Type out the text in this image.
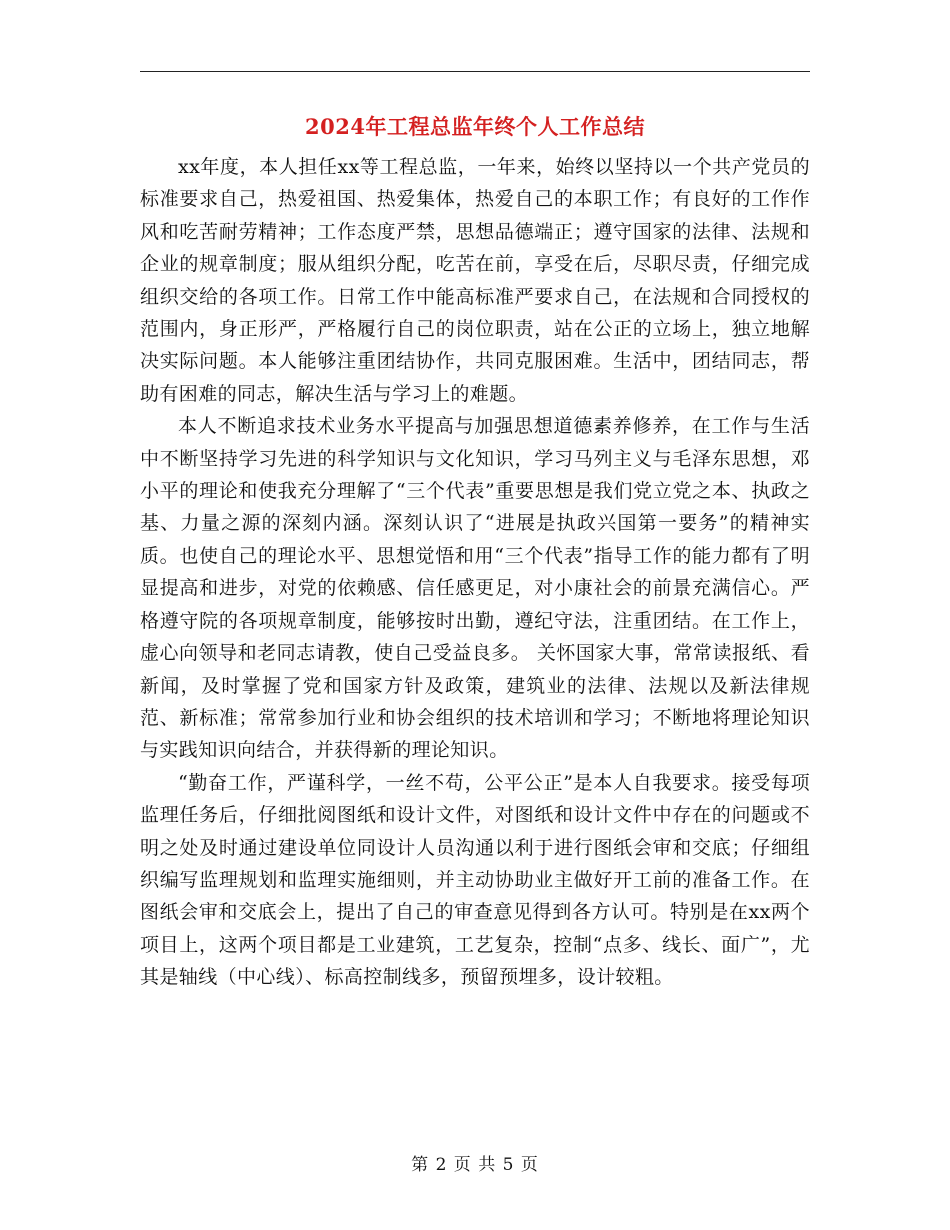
2024年工程总监年终个人工作总结

xx年度，本人担任xx等工程总监，一年来，始终以坚持以一个共产党员的标准要求自己，热爱祖国、热爱集体，热爱自己的本职工作；有良好的工作作风和吃苦耐劳精神；工作态度严禁，思想品德端正；遵守国家的法律、法规和企业的规章制度；服从组织分配，吃苦在前，享受在后，尽职尽责，仔细完成组织交给的各项工作。日常工作中能高标准严要求自己，在法规和合同授权的范围内，身正形严，严格履行自己的岗位职责，站在公正的立场上，独立地解决实际问题。本人能够注重团结协作，共同克服困难。生活中，团结同志，帮助有困难的同志，解决生活与学习上的难题。

本人不断追求技术业务水平提高与加强思想道德素养修养，在工作与生活中不断坚持学习先进的科学知识与文化知识，学习马列主义与毛泽东思想，邓小平的理论和使我充分理解了“三个代表”重要思想是我们党立党之本、执政之基、力量之源的深刻内涵。深刻认识了“进展是执政兴国第一要务”的精神实质。也使自己的理论水平、思想觉悟和用“三个代表”指导工作的能力都有了明显提高和进步，对党的依赖感、信任感更足，对小康社会的前景充满信心。严格遵守院的各项规章制度，能够按时出勤，遵纪守法，注重团结。在工作上，虚心向领导和老同志请教，使自己受益良多。 关怀国家大事，常常读报纸、看新闻，及时掌握了党和国家方针及政策，建筑业的法律、法规以及新法律规范、新标准；常常参加行业和协会组织的技术培训和学习；不断地将理论知识与实践知识向结合，并获得新的理论知识。

“勤奋工作，严谨科学，一丝不苟，公平公正”是本人自我要求。接受每项监理任务后，仔细批阅图纸和设计文件，对图纸和设计文件中存在的问题或不明之处及时通过建设单位同设计人员沟通以利于进行图纸会审和交底；仔细组织编写监理规划和监理实施细则，并主动协助业主做好开工前的准备工作。在图纸会审和交底会上，提出了自己的审查意见得到各方认可。特别是在xx两个项目上，这两个项目都是工业建筑，工艺复杂，控制“点多、线长、面广”，尤其是轴线（中心线）、标高控制线多，预留预埋多，设计较粗。

第 2 页 共 5 页
